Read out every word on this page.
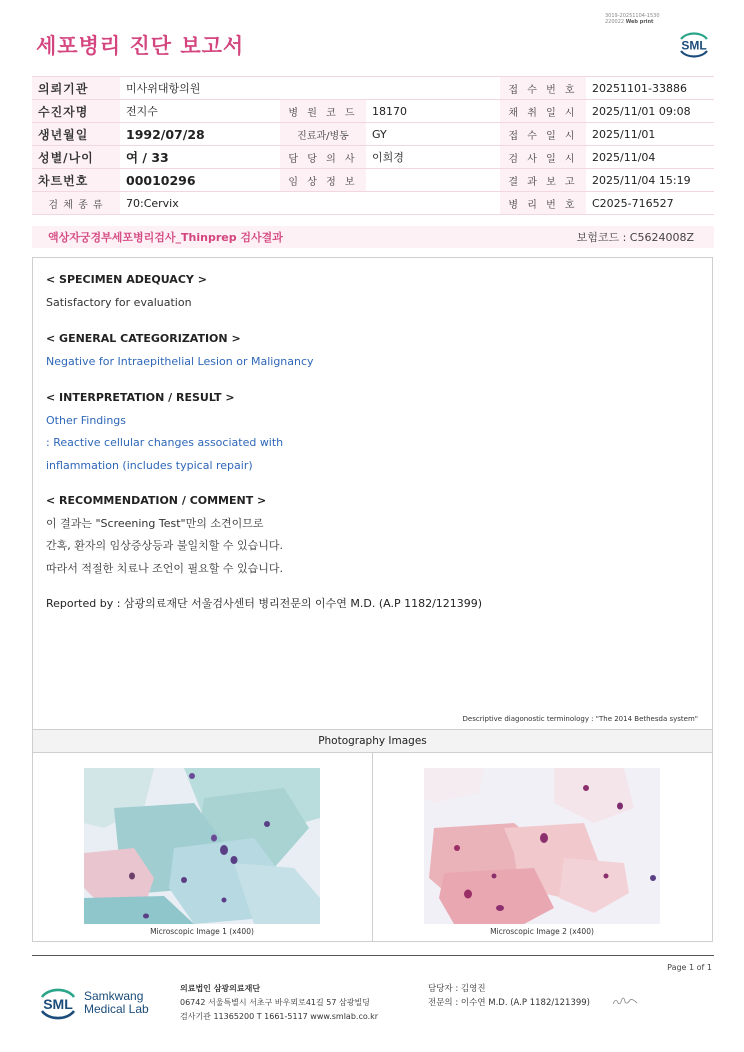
3019-20251104-1530
220022 Web print
세포병리 진단 보고서	SML
의뢰기관	미사위대항의원			접 수 번 호	20251101-33886
수진자명	전지수	병 원 코 드	18170	채 취 일 시	2025/11/01 09:08
생년월일	1992/07/28	진료과/병동	GY	접 수 일 시	2025/11/01
성별/나이	여 / 33	담 당 의 사	이희경	검 사 일 시	2025/11/04
차트번호	00010296	임 상 정 보		결 과 보 고	2025/11/04 15:19
검 체 종 류	70:Cervix			병 리 번 호	C2025-716527
액상자궁경부세포병리검사_Thinprep 검사결과	보험코드 : C5624008Z
< SPECIMEN ADEQUACY >
Satisfactory for evaluation
< GENERAL CATEGORIZATION >
Negative for Intraepithelial Lesion or Malignancy
< INTERPRETATION / RESULT >
Other Findings
: Reactive cellular changes associated with
inflammation (includes typical repair)
< RECOMMENDATION / COMMENT >
이 결과는 "Screening Test"만의 소견이므로
간혹, 환자의 임상증상등과 불일치할 수 있습니다.
따라서 적절한 치료나 조언이 필요할 수 있습니다.
Reported by : 삼광의료재단 서울검사센터 병리전문의 이수연 M.D. (A.P 1182/121399)
Descriptive diagonostic terminology : "The 2014 Bethesda system"
Photography Images
Microscopic Image 1 (x400)	Microscopic Image 2 (x400)
Page 1 of 1
SML Samkwang
Medical Lab
의료법인 삼광의료재단
06742 서울특별시 서초구 바우뫼로41길 57 삼광빌딩
검사기관 11365200 T 1661-5117 www.smlab.co.kr
담당자 : 김영진
전문의 : 이수연 M.D. (A.P 1182/121399)
